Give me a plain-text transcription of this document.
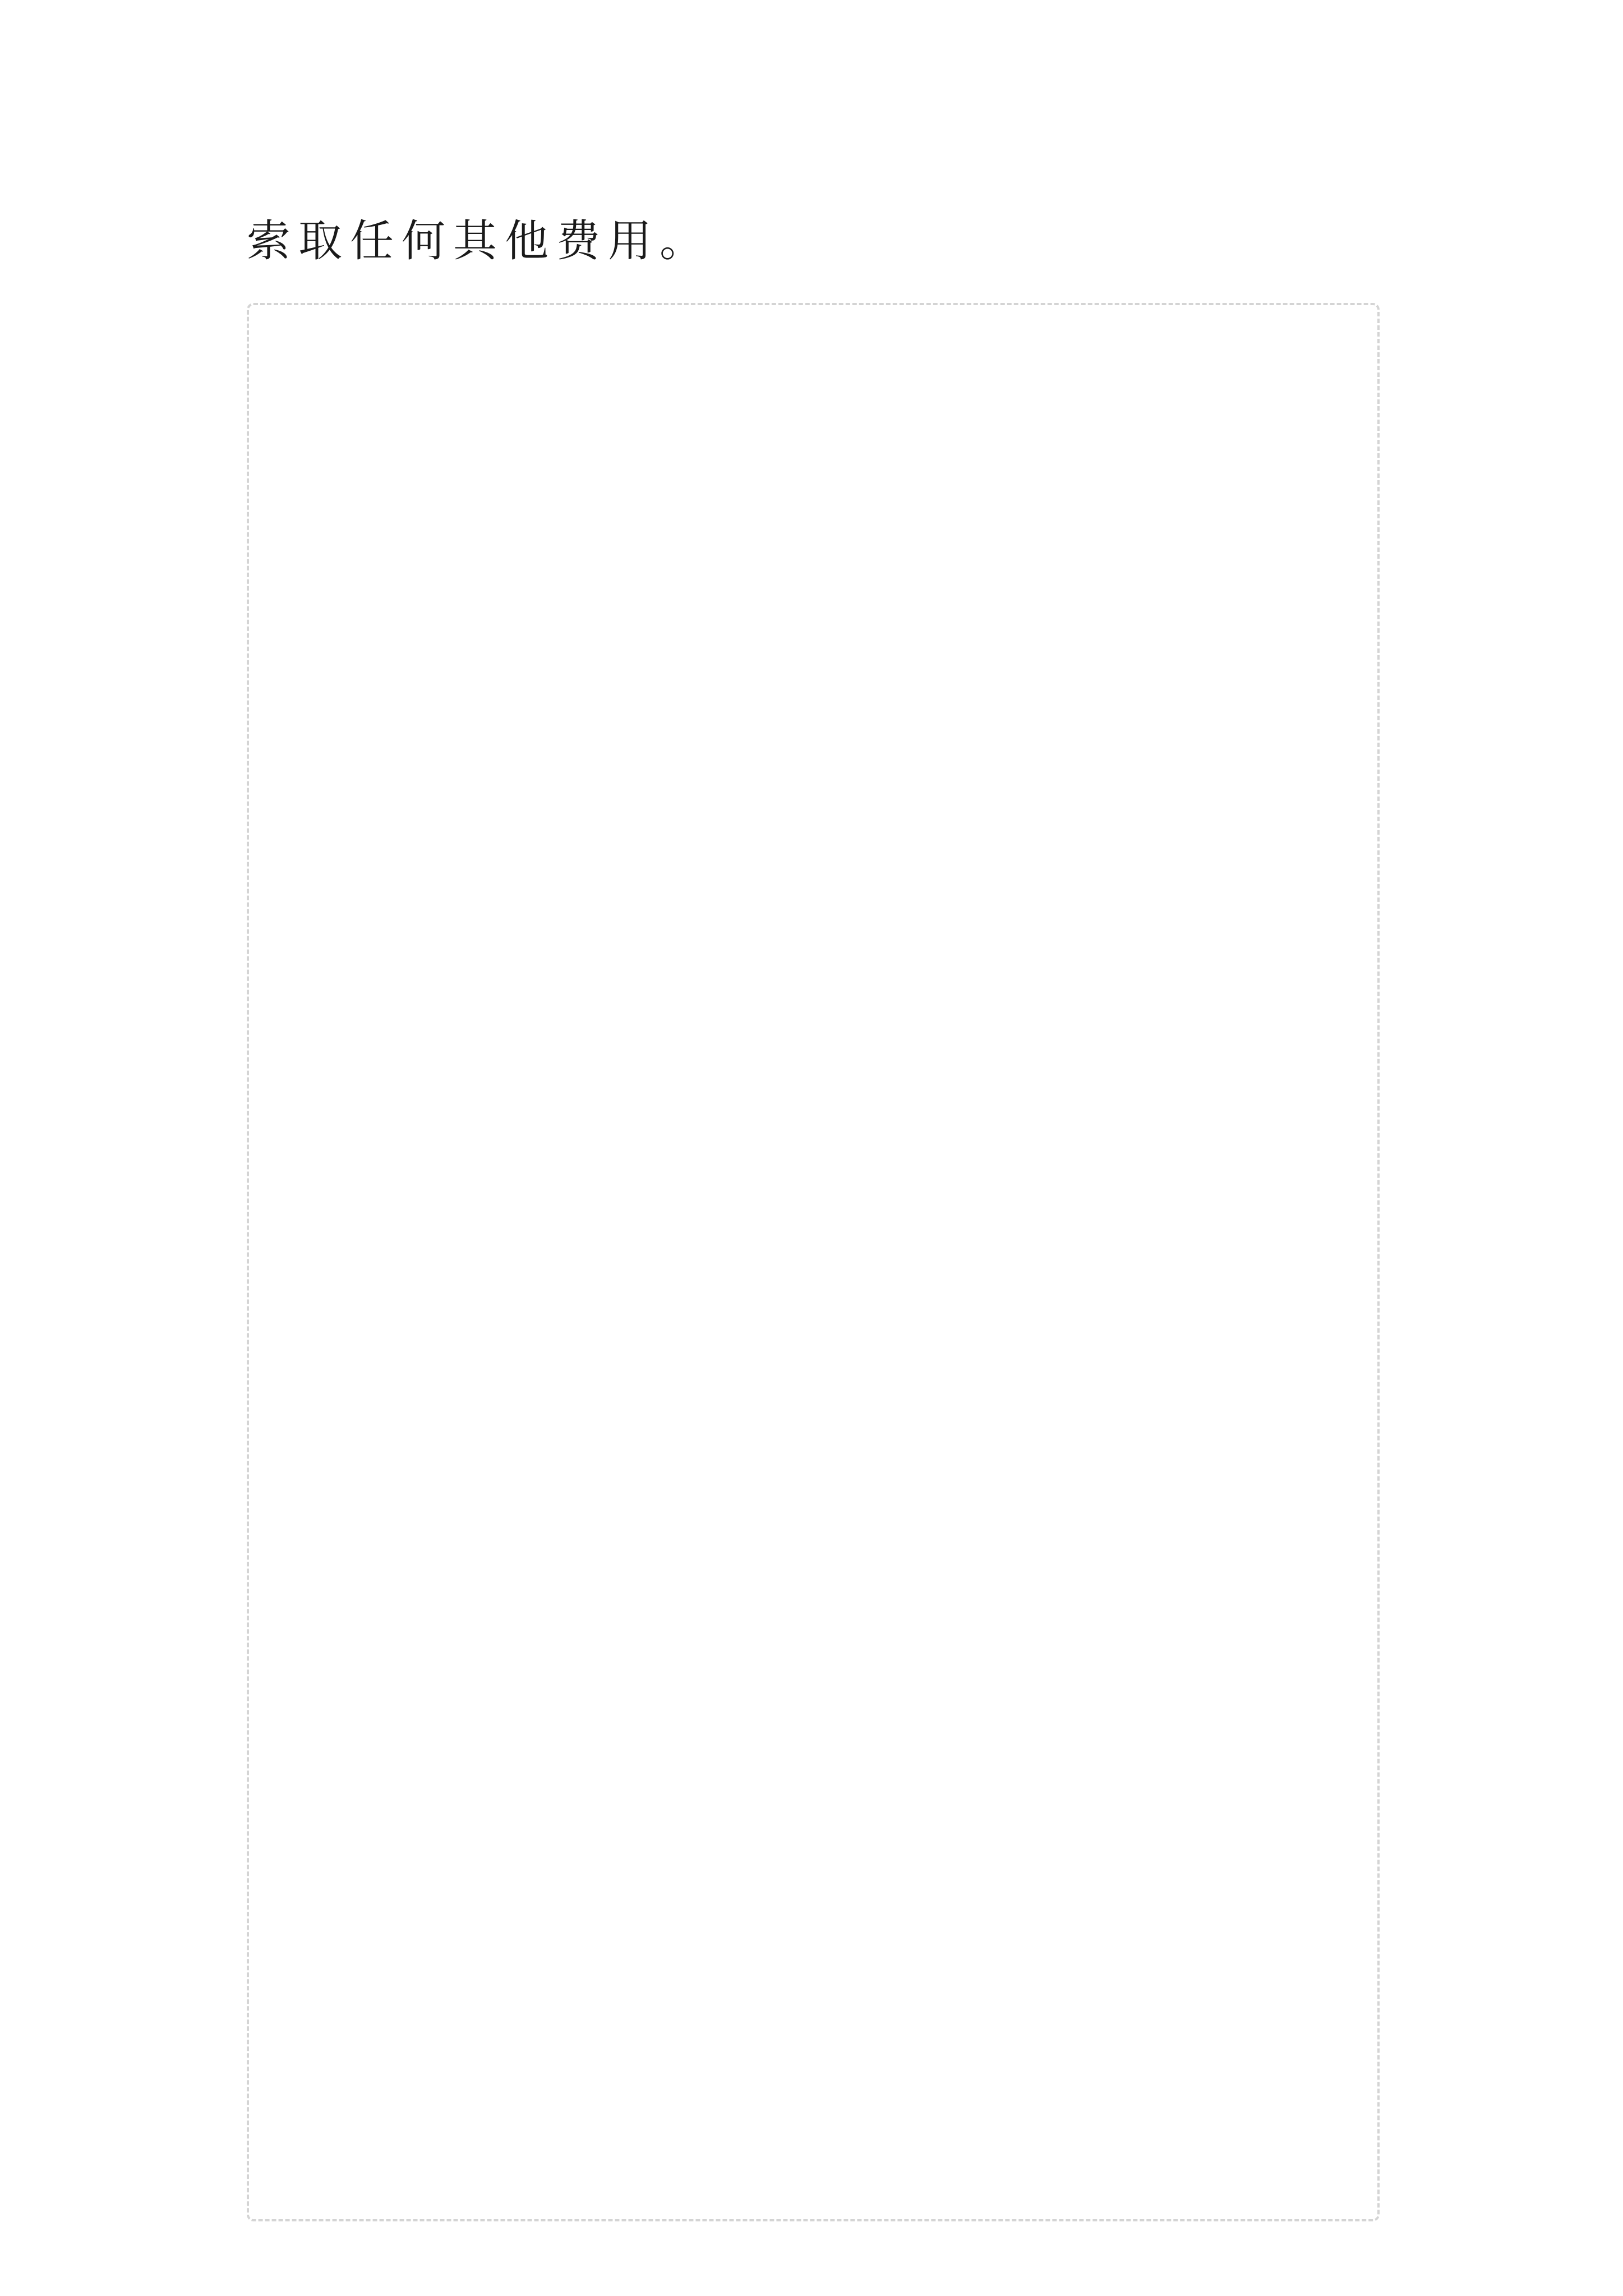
索取任何其他费用。
